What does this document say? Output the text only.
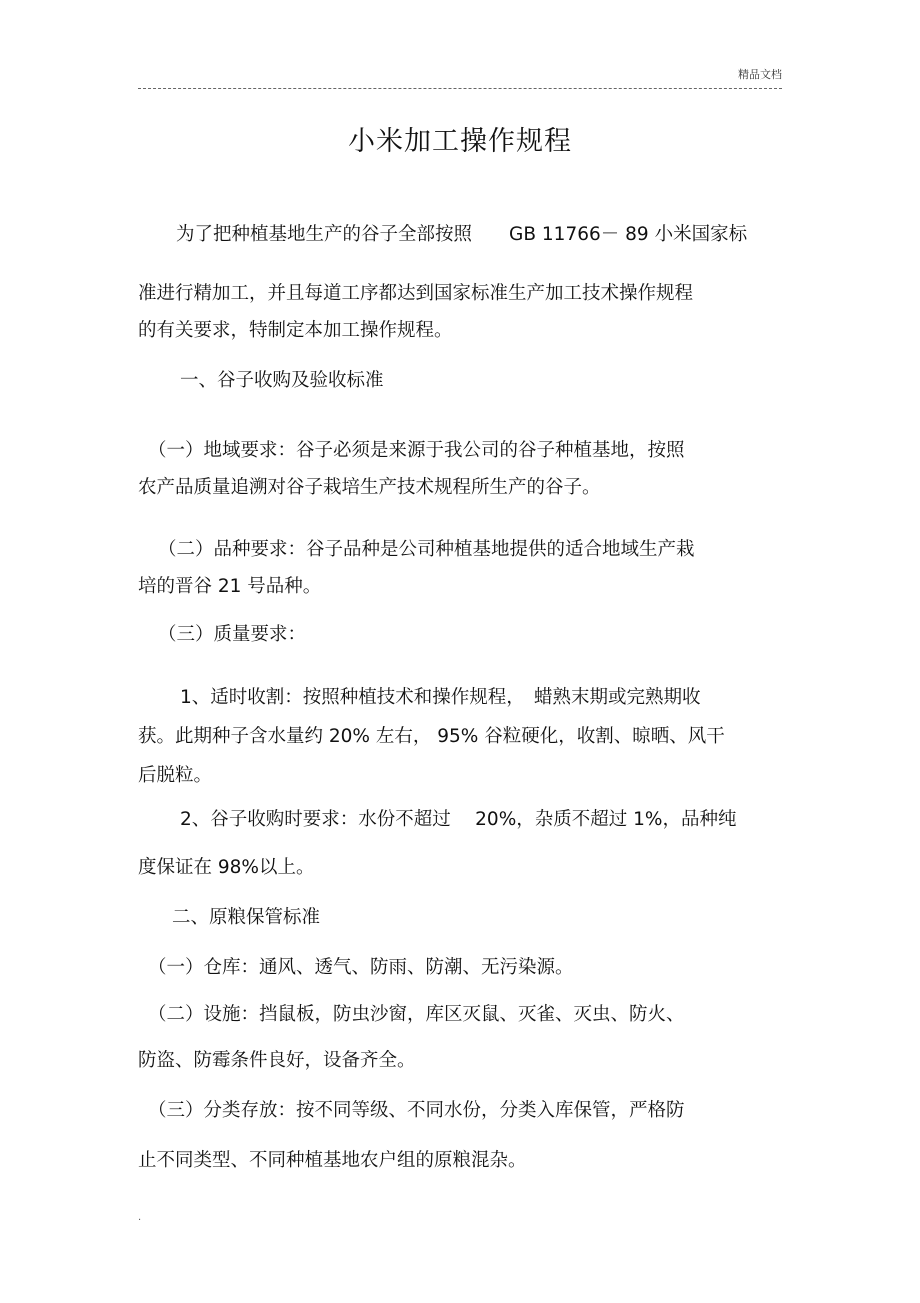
精品文档
小米加工操作规程
为了把种植基地生产的谷子全部按照　　GB 11766－ 89 小米国家标
准进行精加工，并且每道工序都达到国家标准生产加工技术操作规程
的有关要求，特制定本加工操作规程。
一、谷子收购及验收标准
（一）地域要求：谷子必须是来源于我公司的谷子种植基地，按照
农产品质量追溯对谷子栽培生产技术规程所生产的谷子。
（二）品种要求：谷子品种是公司种植基地提供的适合地域生产栽
培的晋谷 21 号品种。
（三）质量要求：
1、适时收割：按照种植技术和操作规程，　蜡熟末期或完熟期收
获。此期种子含水量约 20% 左右， 95% 谷粒硬化，收割、晾晒、风干
后脱粒。
2、谷子收购时要求：水份不超过　 20%，杂质不超过 1%，品种纯
度保证在 98%以上。
二、原粮保管标准
（一）仓库：通风、透气、防雨、防潮、无污染源。
（二）设施：挡鼠板，防虫沙窗，库区灭鼠、灭雀、灭虫、防火、
防盗、防霉条件良好，设备齐全。
（三）分类存放：按不同等级、不同水份，分类入库保管，严格防
止不同类型、不同种植基地农户组的原粮混杂。
.
